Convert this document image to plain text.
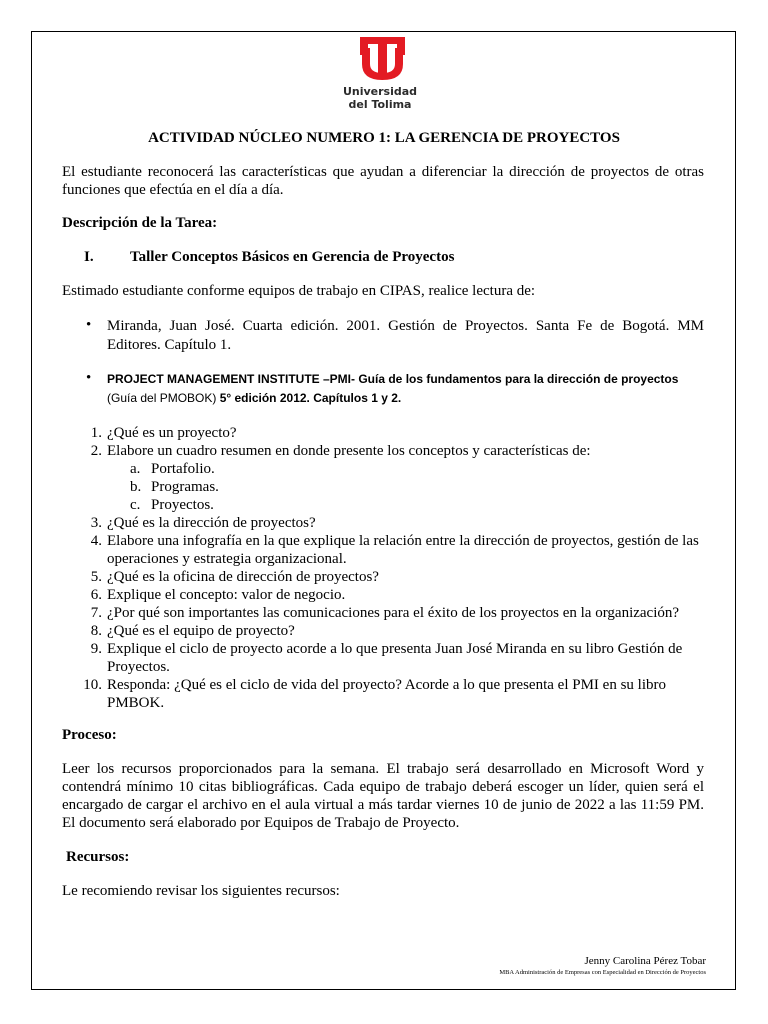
Universidad
del Tolima
ACTIVIDAD NÚCLEO NUMERO 1: LA GERENCIA DE PROYECTOS
El estudiante reconocerá las características que ayudan a diferenciar la dirección de proyectos de otras funciones que efectúa en el día a día.
Descripción de la Tarea:
I.	Taller Conceptos Básicos en Gerencia de Proyectos
Estimado estudiante conforme equipos de trabajo en CIPAS, realice lectura de:
• Miranda, Juan José. Cuarta edición. 2001. Gestión de Proyectos. Santa Fe de Bogotá. MM Editores. Capítulo 1.
• PROJECT MANAGEMENT INSTITUTE –PMI- Guía de los fundamentos para la dirección de proyectos (Guía del PMOBOK) 5° edición 2012. Capítulos 1 y 2.
1. ¿Qué es un proyecto?
2. Elabore un cuadro resumen en donde presente los conceptos y características de:
a. Portafolio.
b. Programas.
c. Proyectos.
3. ¿Qué es la dirección de proyectos?
4. Elabore una infografía en la que explique la relación entre la dirección de proyectos, gestión de las operaciones y estrategia organizacional.
5. ¿Qué es la oficina de dirección de proyectos?
6. Explique el concepto: valor de negocio.
7. ¿Por qué son importantes las comunicaciones para el éxito de los proyectos en la organización?
8. ¿Qué es el equipo de proyecto?
9. Explique el ciclo de proyecto acorde a lo que presenta Juan José Miranda en su libro Gestión de Proyectos.
10. Responda: ¿Qué es el ciclo de vida del proyecto? Acorde a lo que presenta el PMI en su libro PMBOK.
Proceso:
Leer los recursos proporcionados para la semana. El trabajo será desarrollado en Microsoft Word y contendrá mínimo 10 citas bibliográficas. Cada equipo de trabajo deberá escoger un líder, quien será el encargado de cargar el archivo en el aula virtual a más tardar viernes 10 de junio de 2022 a las 11:59 PM. El documento será elaborado por Equipos de Trabajo de Proyecto.
Recursos:
Le recomiendo revisar los siguientes recursos:
Jenny Carolina Pérez Tobar
MBA Administración de Empresas con Especialidad en Dirección de Proyectos
